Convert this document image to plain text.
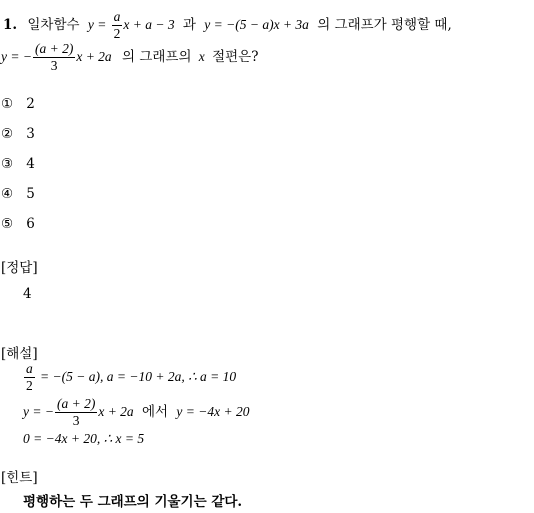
1. 일차함수 $y = \frac{a}{2}$ x + a − 3 과 y = −(5 − a)x + 3a 의 그래프가 평행할 때,
y = − $\frac{(a + 2)}{3}$ x + 2a 의 그래프의 x 절편은?
① 2
② 3
③ 4
④ 5
⑤ 6
[정답]
4
[해설]
$\frac{a}{2} = -(5 - a)$, a = −10 + 2a, ∴ a = 10
y = − $\frac{(a + 2)}{3}$ x + 2a 에서 y = −4x + 20
0 = −4x + 20, ∴ x = 5
[힌트]
평행하는 두 그래프의 기울기는 같다.
